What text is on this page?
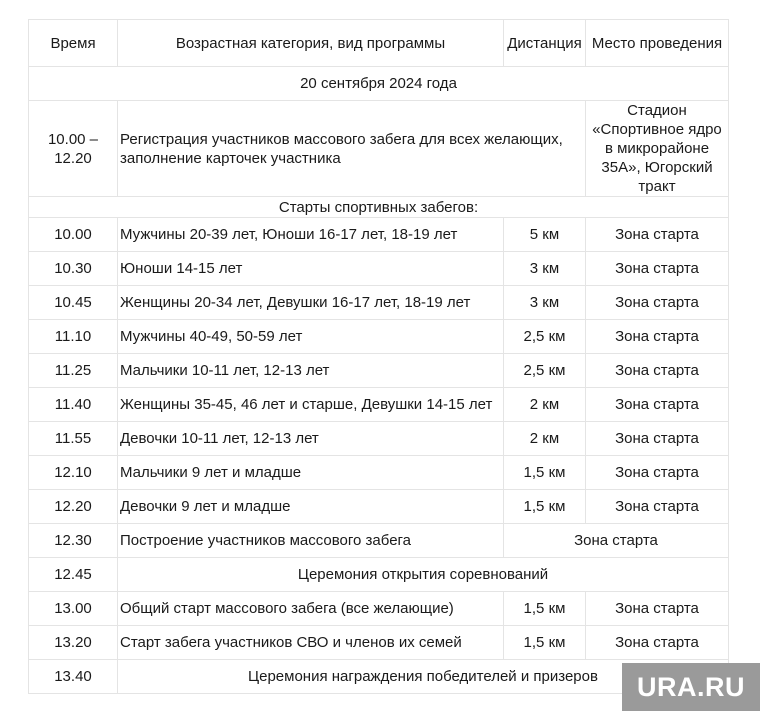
Время	Возрастная категория, вид программы	Дистанция	Место проведения
20 сентября 2024 года			
10.00 – 12.20	Регистрация участников массового забега для всех желающих, заполнение карточек участника		Стадион «Спортивное ядро в микрорайоне 35А», Югорский тракт
Старты спортивных забегов:			
10.00	Мужчины 20-39 лет, Юноши 16-17 лет, 18-19 лет	5 км	Зона старта
10.30	Юноши 14-15 лет	3 км	Зона старта
10.45	Женщины 20-34 лет, Девушки 16-17 лет, 18-19 лет	3 км	Зона старта
11.10	Мужчины 40-49, 50-59 лет	2,5 км	Зона старта
11.25	Мальчики 10-11 лет, 12-13 лет	2,5 км	Зона старта
11.40	Женщины 35-45, 46 лет и старше, Девушки 14-15 лет	2 км	Зона старта
11.55	Девочки 10-11 лет, 12-13 лет	2 км	Зона старта
12.10	Мальчики 9 лет и младше	1,5 км	Зона старта
12.20	Девочки 9 лет и младше	1,5 км	Зона старта
12.30	Построение участников массового забега	Зона старта	
12.45	Церемония открытия соревнований		
13.00	Общий старт массового забега (все желающие)	1,5 км	Зона старта
13.20	Старт забега участников СВО и членов их семей	1,5 км	Зона старта
13.40	Церемония награждения победителей и призеров			URA.RU
